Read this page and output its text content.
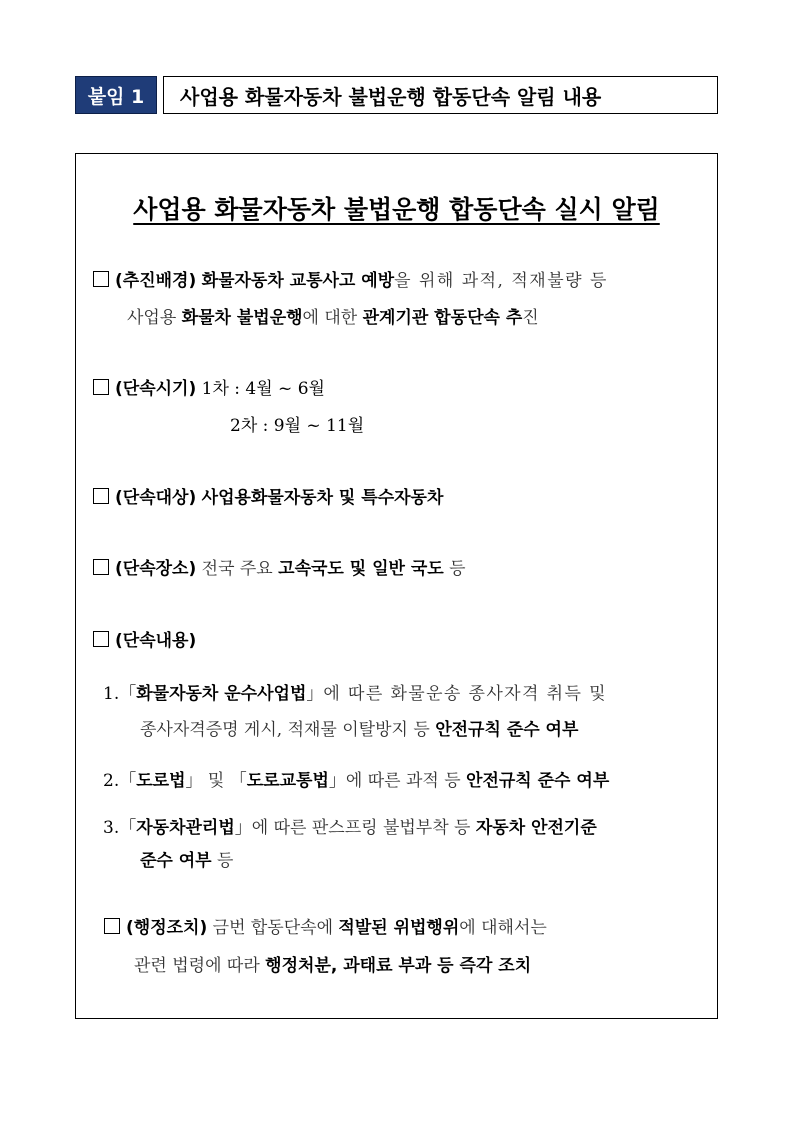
붙임 1	사업용 화물자동차 불법운행 합동단속 알림 내용
사업용 화물자동차 불법운행 합동단속 실시 알림
(추진배경) 화물자동차 교통사고 예방을 위해 과적, 적재불량 등
사업용 화물차 불법운행에 대한 관계기관 합동단속 추진
(단속시기) 1차 : 4월 ~ 6월
2차 : 9월 ~ 11월
(단속대상) 사업용화물자동차 및 특수자동차
(단속장소) 전국 주요 고속국도 및 일반 국도 등
(단속내용)
1.「화물자동차 운수사업법」에 따른 화물운송 종사자격 취득 및
종사자격증명 게시, 적재물 이탈방지 등 안전규칙 준수 여부
2.「도로법」 및 「도로교통법」에 따른 과적 등 안전규칙 준수 여부
3.「자동차관리법」에 따른 판스프링 불법부착 등 자동차 안전기준
준수 여부 등
(행정조치) 금번 합동단속에 적발된 위법행위에 대해서는
관련 법령에 따라 행정처분, 과태료 부과 등 즉각 조치
